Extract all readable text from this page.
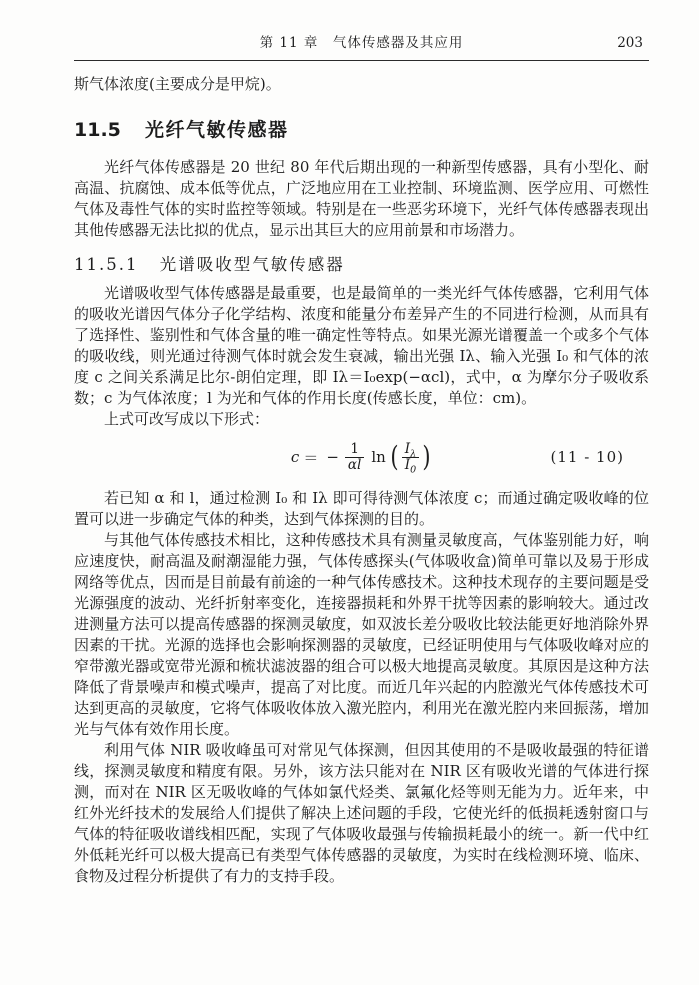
第 11 章　气体传感器及其应用	203
斯气体浓度(主要成分是甲烷)。
11.5 光纤气敏传感器

光纤气体传感器是 20 世纪 80 年代后期出现的一种新型传感器，具有小型化、耐高温、抗腐蚀、成本低等优点，广泛地应用在工业控制、环境监测、医学应用、可燃性气体及毒性气体的实时监控等领域。特别是在一些恶劣环境下，光纤气体传感器表现出其他传感器无法比拟的优点，显示出其巨大的应用前景和市场潜力。

11.5.1 光谱吸收型气敏传感器

光谱吸收型气体传感器是最重要，也是最简单的一类光纤气体传感器，它利用气体的吸收光谱因气体分子化学结构、浓度和能量分布差异产生的不同进行检测，从而具有了选择性、鉴别性和气体含量的唯一确定性等特点。如果光源光谱覆盖一个或多个气体的吸收线，则光通过待测气体时就会发生衰减，输出光强 Iλ、输入光强 I₀ 和气体的浓度 c 之间关系满足比尔-朗伯定理，即 Iλ＝I₀exp(−αcl)，式中，α 为摩尔分子吸收系数；c 为气体浓度；l 为光和气体的作用长度(传感长度，单位：cm)。

上式可改写成以下形式：

c ＝ − $\frac{1}{\alpha l}$ ln ( $\frac{I_\lambda}{I_0}$ )	(11 - 10)

若已知 α 和 l，通过检测 I₀ 和 Iλ 即可得待测气体浓度 c；而通过确定吸收峰的位置可以进一步确定气体的种类，达到气体探测的目的。

与其他气体传感技术相比，这种传感技术具有测量灵敏度高，气体鉴别能力好，响应速度快，耐高温及耐潮湿能力强，气体传感探头(气体吸收盒)简单可靠以及易于形成网络等优点，因而是目前最有前途的一种气体传感技术。这种技术现存的主要问题是受光源强度的波动、光纤折射率变化，连接器损耗和外界干扰等因素的影响较大。通过改进测量方法可以提高传感器的探测灵敏度，如双波长差分吸收比较法能更好地消除外界因素的干扰。光源的选择也会影响探测器的灵敏度，已经证明使用与气体吸收峰对应的窄带激光器或宽带光源和梳状滤波器的组合可以极大地提高灵敏度。其原因是这种方法降低了背景噪声和模式噪声，提高了对比度。而近几年兴起的内腔激光气体传感技术可达到更高的灵敏度，它将气体吸收体放入激光腔内，利用光在激光腔内来回振荡，增加光与气体有效作用长度。

利用气体 NIR 吸收峰虽可对常见气体探测，但因其使用的不是吸收最强的特征谱线，探测灵敏度和精度有限。另外，该方法只能对在 NIR 区有吸收光谱的气体进行探测，而对在 NIR 区无吸收峰的气体如氯代烃类、氯氟化烃等则无能为力。近年来，中红外光纤技术的发展给人们提供了解决上述问题的手段，它使光纤的低损耗透射窗口与气体的特征吸收谱线相匹配，实现了气体吸收最强与传输损耗最小的统一。新一代中红外低耗光纤可以极大提高已有类型气体传感器的灵敏度，为实时在线检测环境、临床、食物及过程分析提供了有力的支持手段。
